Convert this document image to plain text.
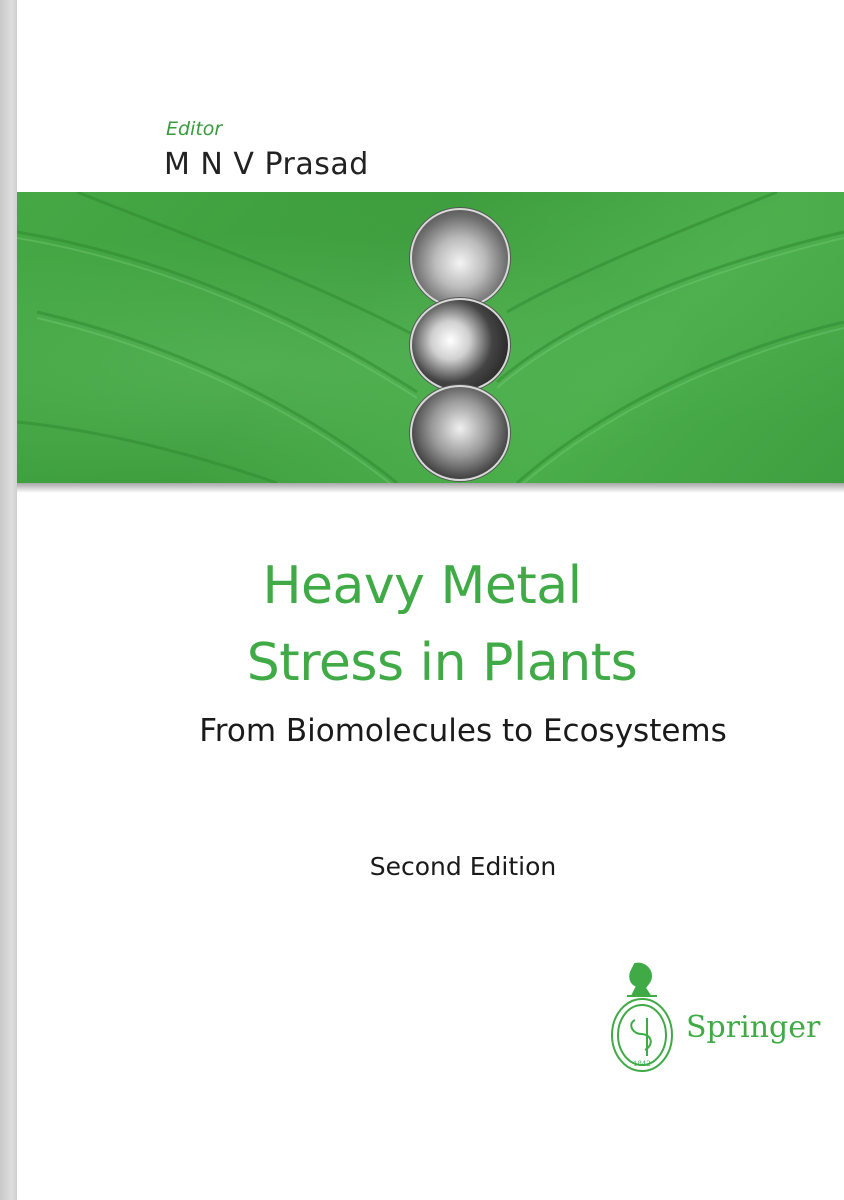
Editor
M N V Prasad
Heavy Metal
Stress in Plants
From Biomolecules to Ecosystems
Second Edition
1842
Springer
